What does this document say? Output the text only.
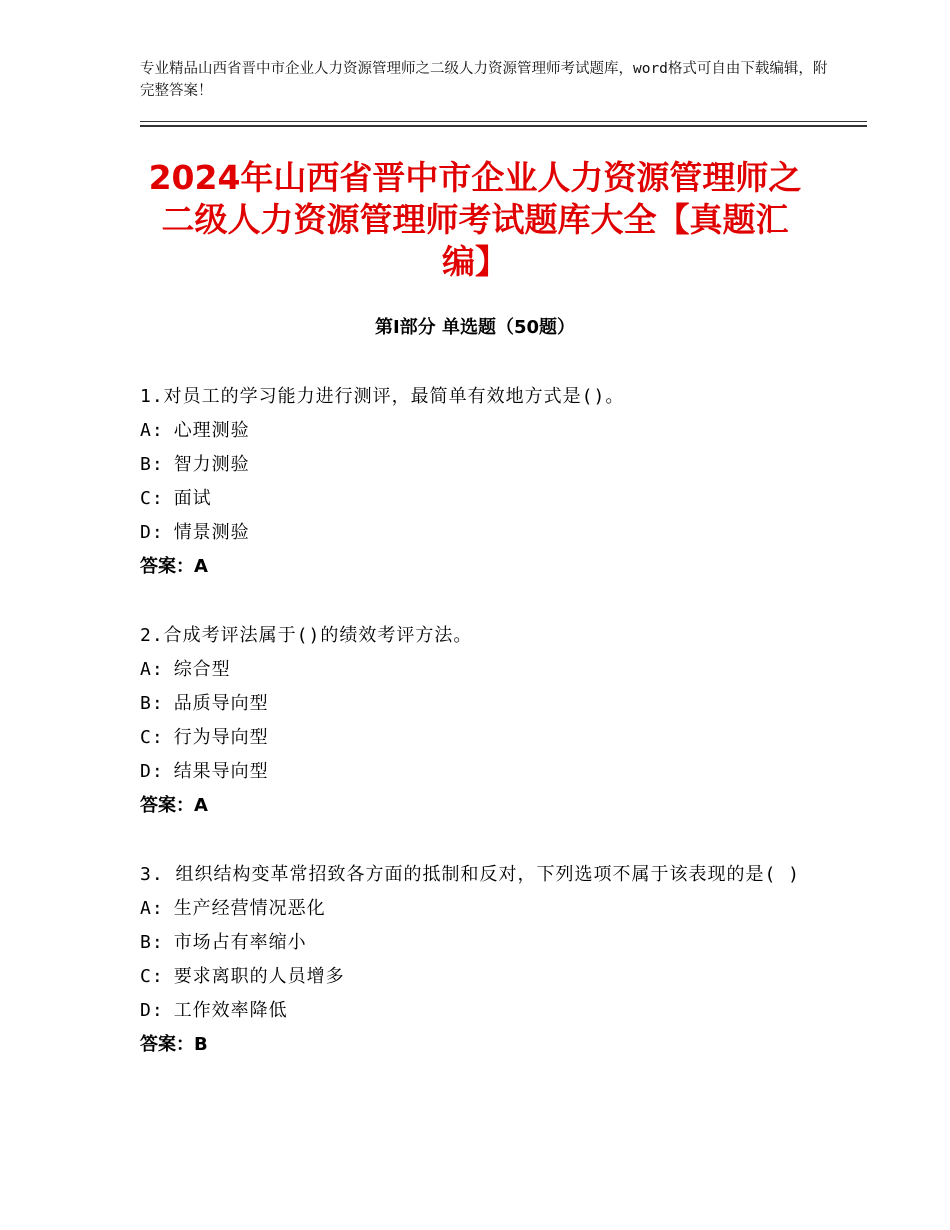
专业精品山西省晋中市企业人力资源管理师之二级人力资源管理师考试题库，word格式可自由下载编辑，附完整答案！
2024年山西省晋中市企业人力资源管理师之二级人力资源管理师考试题库大全【真题汇编】
第Ⅰ部分 单选题（50题）
1.对员工的学习能力进行测评，最简单有效地方式是()。
A: 心理测验
B: 智力测验
C: 面试
D: 情景测验
答案：A
2.合成考评法属于()的绩效考评方法。
A: 综合型
B: 品质导向型
C: 行为导向型
D: 结果导向型
答案：A
3. 组织结构变革常招致各方面的抵制和反对，下列选项不属于该表现的是( )
A: 生产经营情况恶化
B: 市场占有率缩小
C: 要求离职的人员增多
D: 工作效率降低
答案：B
